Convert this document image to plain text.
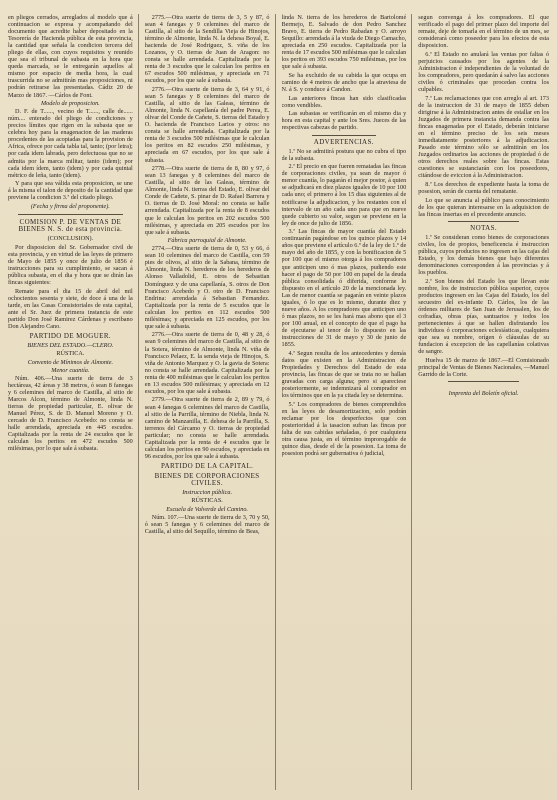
en pliegos cerrados, arreglados al modelo que á continuacion se expresa y acompañando del documento que acredite haber depositado en la Tesorería de Hacienda pública de esta provincia, la cantidad que señala la condicion tercera del pliego de ellas, con cuyos requisitos y reunido que sea el tribunal de subasta en la hora que queda marcada, se le entregarán aquellos al mismo por espacio de media hora, la cual trascurrida no se admitirán mas proposiciones, ni podrán retirarse las presentadas. Cádiz 20 de Marzo de 1867. —Cárlos de Font.

Modelo de proposicion.

D. F. de T......, vecino de T......, calle de...... núm.... enterado del pliego de condiciones y precios límites que rigen en la subasta que se celebra hoy para la enagenacion de las maderas procedentes de las acopiadas para la provision de Africa, ofrece por cada tabla tal, tanto; (por letra); por cada idem labrada, pero defectuosa que no se admita por la marca militar, tanto (idem); por cada idem ídem, tanto (idem) y por cada quintal métrico de leña, tanto (idem).

Y para que sea válida esta proposicion, se une á la misma el talon de deposito de la cantidad que previene la condicion 3.ª del citado pliego.

(Fecha y firma del proponente).

COMISION P. DE VENTAS DE BIENES N. S. de esta provincia.

(CONCLUSION).

Por disposicion del Sr. Gobernador civil de esta provincia, y en virtud de las leyes de primero de Mayo de 1855 y once de julio de 1856 é instrucciones para su cumplimiento, se sacan á pública subasta, en el dia y hora que se dirán las fincas siguientes:

Remate para el dia 15 de abril del mil ochocientos sesenta y siete, de doce á una de la tarde, en las Casas Consistoriales de esta capital, ante el Sr. Juez de primera instancia de este partido Don José Ramirez Cárdenas y escribano Don Alejandro Cano.

PARTIDO DE MOGUER.

BIENES DEL ESTADO.—CLERO.

RÚSTICA.

Convento de Mínimos de Almonte.

Menor cuantía.

Núm. 406.—Una suerte de tierra de 3 hectáreas, 42 áreas y 38 metros, ó sean 8 fanegas y 6 celemines del marco de Castilla, al sitio de Marcos Alcon, término de Almonte, linda N. tierras de propiedad particular, E. olivar de Manuel Pérez, S. de D. Manuel Moreno y O. cercado de D. Francisco Acebedo: no consta se halle arrendada, apreciada en 445 escudos. Capitalizada por la renta de 24 escudos que le calculan los peritos en 472 escudos 500 milésimas, por lo que sale á subasta.

2775.—Otra suerte de tierra de 3, 5 y 87, ó sean 4 fanegas y 9 celemines del marco de Castilla, al sitio de la Sendilla Vieja de Hinojos, término de Almonte, linda N. la dehesa Boyal, E. hacienda de José Rodriguez, S. viña de los Lozanos, y O. tierras de Juan de Aragon: no consta se halle arrendada. Capitalizada por la renta de 3 escudos que le calculan los peritos en 67 escudos 500 milésimas, y apreciada en 71 escudos, por los que sale á subasta.

2776.—Otra suerte de tierra de 3, 64 y 91, ó sean 5 fanegas y 8 celemines del marco de Castilla, al sitio de las Galeas, término de Almonte, linda N. capellanía del padre Perea, E. olivar del Conde de Cañete, S. tierras del Estado y O. hacienda de Francisco Larios y otros: no consta se halle arrendada. Capitalizada por la renta de 3 escudos 500 milésimas que le calculan los peritos en 82 escudos 250 milésimas, y apreciada en 67 escudos, por los que sale á subasta.

2778.—Otra suerte de tierra de 8, 80 y 97, ó sean 13 fanegas y 8 celemines del marco de Castilla, al sitio de las Galeas, término de Almonte, linda N. tierras del Estado, E. olivar del Conde de Cañete, S. pinar de D. Rafael Barrera y O. tierras de D. José Moral: no consta se halle arrendada. Capitalizada por la renta de 8 escudos que le calculan los peritos en 202 escudos 500 milésimas, y apreciada en 205 escudos por los que sale á subasta.

Fábrica parroquial de Almonte.

2774.—Otra suerte de tierra de 0, 53 y 66, ó sean 10 celemines del marco de Castilla, con 59 pies de olivos, al sitio de la Sabana, término de Almonte, linda N. herederos de los herederos de Alonso Valladolid, E. otros de Sebastian Domínguez y de una capellanía, S. otros de Don Francisco Acebedo y O. otro de D. Francisco Endrina: arrendada á Sebastian Fernandez. Capitalizada por la renta de 5 escudos que le calculan los peritos en 112 escudos 500 milésimas; y apreciada en 125 escudos, por los que sale á subasta.

2776.—Otra suerte de tierra de 0, 48 y 28, ó sean 9 celemines del marco de Castilla, al sitio de la Sotera, término de Almonte, linda N. viña de Francisco Pelaez, E. la senda vieja de Hinojos, S. viña de Antonio Marquez y O. la gavia de Sotera: no consta se halle arrendada. Capitalizada por la renta de 400 milésimas que le calculan los peritos en 13 escudos 500 milésimas; y apreciada en 12 escudos, por los que sale á subasta.

2779.—Otra suerte de tierra de 2, 89 y 79, ó sean 4 fanegas 6 celemines del marco de Castilla, al sitio de la Parrilla, término de Niebla, linda N. camino de Manzanilla, E. dehesa de la Parrilla, S. terrenos del Cárcamo y O. tierras de propiedad particular; no consta se halle arrendada. Capitalizada por la renta de 4 escudos que le calculan los peritos en 90 escudos, y apreciada en 96 escudos, por los que sale á subasta.

PARTIDO DE LA CAPITAL.

BIENES DE CORPORACIONES CIVILES.

Instruccion pública.

RÚSTICAS.

Escuela de Valverde del Camino.

Núm. 107.—Una suerte de tierra de 3, 70 y 50, ó sean 5 fanegas y 6 celemines del marco de Castilla, al sitio del Sequillo, término de Beas,

linda N. tierra de los herederos de Bartolomé Bermejo, E. Salvado de don Pedro Sanchez Bravo, E. tierra de Pedro Rabadan y O. arroyo Sequillo: arrendada á la viuda de Diego Camacho, apreciada en 250 escudos. Capitalizada por la renta de 17 escudos 500 milésimas que le calculan los peritos en 393 escudos 750 milésimas, por los que sale á subasta.

Se ha excluido de su cabida la que ocupa en camino de 4 metros de ancho que la atraviesa de N. á S. y conduce á Candon.

Las anteriores fincas han sido clasificadas como vendibles.

Las subastas se verificarán en el mismo dia y hora en esta capital y ante los Sres. Jueces de las respectivas cabezas de partido.

ADVERTENCIAS.

1.ª No se admitirá postura que no cubra el tipo de la subasta.

2.ª El precio en que fueren rematadas las fincas de corporaciones civiles, ya sean de mayor ó menor cuantía, lo pagarán el mejor postor, á quien se adjudicará en diez plazos iguales de 10 por 100 cada uno; el primero á los 15 dias siguientes al de notificarse la adjudicacion, y los restantes con el intervalo de un año cada uno para que en nueve quede cubierto su valor, segun se previene en la ley de once de julio de 1856.

3.ª Las fincas de mayor cuantía del Estado continuarán pagándose en los quince plazos y 14 años que previene el artículo 6.º de la ley de 1.º de mayo del año de 1855, y con la bonificacion de 5 por 100 que el mismo otorga á los compradores que anticipen uno ó mas plazos, pudiendo este hacer el pago de 50 por 100 en papel de la deuda pública consolidada ó diferida, conforme lo dispuesto en el artículo 20 de la mencionada ley. Las de menor cuantía se pagarán en veinte plazos iguales, ó lo que es lo mismo, durante diez y nueve años. A los compradores que anticipen uno ó mas plazos, no se les hará mas abono que el 3 por 100 anual, en el concepto de que el pago ha de ejecutarse al tenor de lo dispuesto en las instrucciones de 31 de mayo y 30 de junio de 1855.

4.ª Segun resulta de los antecedentes y demás datos que existen en la Administracion de Propiedades y Derechos del Estado de esta provincia, las fincas de que se trata no se hallan gravadas con carga alguna; pero si apareciese posteriormente, se indemnizará al comprador en los términos que en la ya citada ley se determina.

5.ª Los compradores de bienes comprendidos en las leyes de desamortizacion, solo podrán reclamar por los desperfectos que con posterioridad á la tasacion sufran las fincas por falta de sus cabidas señaladas, ó por cualquiera otra causa justa, en el término improrogable de quince dias, desde el de la posesion. La toma de posesion podrá ser gubernativa ó judicial,

segun convenga á los compradores. El que verificado el pago del primer plazo del importe del remate, deje de tomarla en el término de un mes, se considerará como poseedor para los efectos de esta disposicion.

6.ª El Estado no anulará las ventas por faltas ó perjuicios causados por los agentes de la Administracion é independientes de la voluntad de los compradores, pero quedarán á salvo las acciones civiles ó criminales que procedan contra los culpables.

7.ª Las reclamaciones que con arreglo al art. 173 de la instruccion de 31 de mayo de 1855 deben dirigirse á la Administracion antes de estallar en los Juzgados de primera instancia demanda contra las fincas enagenadas por el Estado, deberán iniciarse en el término preciso de los seis meses inmediatamente posteriores á la adjudicacion. Pasado este término sólo se admitirán en los Juzgados ordinarios las acciones de propiedad ó de otros derechos reales sobre las fincas. Estas cuestiones se sustanciarán con los poseedores, citándose de eviccion á la Administracion.

8.ª Los derechos de expediente hasta la toma de posesion, serán de cuenta del rematante.

Lo que se anuncia al público para conocimiento de los que quieran interesarse en la adquisicion de las fincas insertas en el precedente anuncio.

NOTAS.

1.ª Se consideran como bienes de corporaciones civiles, los de propios, beneficencia é instruccion pública, cuyos productos no ingresen en las cajas del Estado, y los demás bienes que bajo diferentes denominaciones corresponden á las provincias y á los pueblos.

2.ª Son bienes del Estado los que llevan este nombre, los de instruccion pública superior, cuyos productos ingresen en las Cajas del Estado, los del secuestro del ex-infante D. Cárlos, los de las órdenes militares de San Juan de Jerusalen, los de cofradías, obras pías, santuarios y todos los pertenecientes á que se hallen disfrutando los individuos ó corporaciones eclesiásticas, cualquiera que sea su nombre, orígen ó cláusulas de su fundacion á excepcion de las capellanías colativas de sangre.

Huelva 15 de marzo de 1867.—El Comisionado principal de Ventas de Bienes Nacionales, —Manuel Garrido de la Corte.

Imprenta del Boletín oficial.
